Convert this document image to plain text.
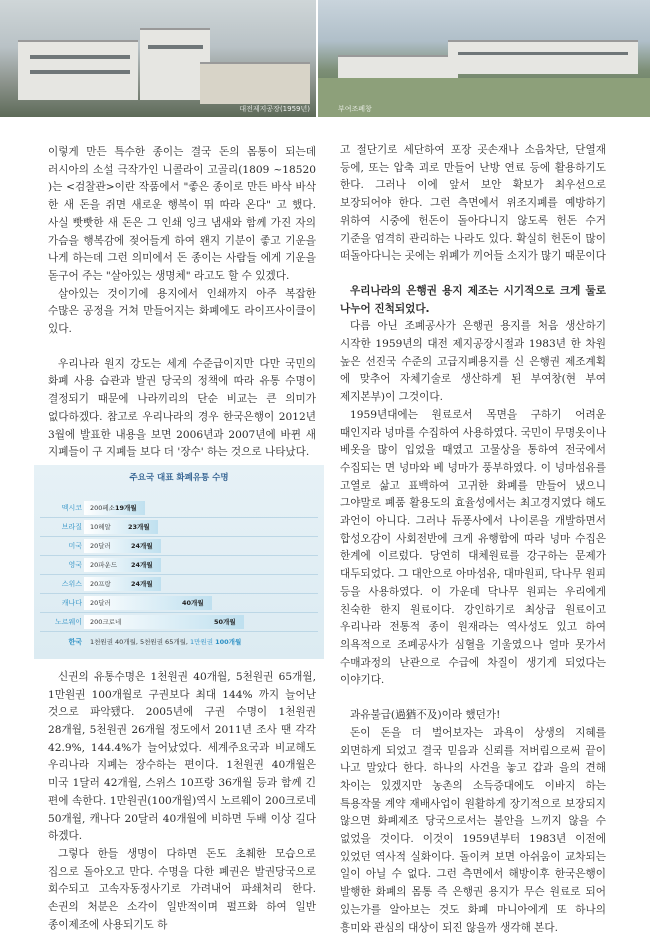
대전제지공장(1959년)	부여조폐창

이렇게 만든 특수한 종이는 결국 돈의 몸통이 되는데 러시아의 소설 극작가인 니콜라이 고골리(1809 ~18520 )는 <검찰관>이란 작품에서 "좋은 종이로 만든 바삭 바삭 한 새 돈을 쥐면 새로운 행복이 뛰 따라 온다" 고 했다. 사실 빳빳한 새 돈은 그 인쇄 잉크 냄새와 함께 가진 자의 가슴을 행복감에 젖어들게 하여 왠지 기분이 좋고 기운을 나게 하는데 그런 의미에서 돈 종이는 사람들 에게 기운을 돋구어 주는 "살아있는 생명체" 라고도 할 수 있겠다.

살아있는 것이기에 용지에서 인쇄까지 아주 복잡한 수많은 공정을 거쳐 만들어지는 화폐에도 라이프사이클이 있다.

우리나라 원지 강도는 세계 수준급이지만 다만 국민의 화폐 사용 습관과 발권 당국의 정책에 따라 유통 수명이 결정되기 때문에 나라끼리의 단순 비교는 큰 의미가 없다하겠다. 참고로 우리나라의 경우 한국은행이 2012년 3월에 발표한 내용을 보면 2006년과 2007년에 바뀐 새 지폐들이 구 지폐들 보다 더 '장수' 하는 것으로 나타났다.

신권의 유통수명은 1천원권 40개월, 5천원권 65개월, 1만원권 100개월로 구권보다 최대 144% 까지 늘어난 것으로 파악됐다. 2005년에 구권 수명이 1천원권 28개월, 5천원권 26개월 정도에서 2011년 조사 땐 각각 42.9%, 144.4%가 늘어났었다. 세계주요국과 비교해도 우리나라 지폐는 장수하는 편이다. 1천원권 40개월은 미국 1달러 42개월, 스위스 10프랑 36개월 등과 함께 긴 편에 속한다. 1만원권(100개월)역시 노르웨이 200크로네 50개월, 캐나다 20달러 40개월에 비하면 두배 이상 길다 하겠다.

그렇다 한들 생명이 다하면 돈도 초췌한 모습으로 집으로 돌아오고 만다. 수명을 다한 폐권은 발권당국으로 회수되고 고속자동정사기로 가려내어 파쇄처리 한다. 손권의 처분은 소각이 일반적이며 펄프화 하여 일반 종이제조에 사용되기도 하

주요국 대표 화폐유통 수명
멕시코 200페소 19개월
브라질 10헤알	23개월
미국 20달러	24개월
영국 20파운드 24개월
스위스 20프랑	24개월
캐나다 20달러	40개월
노르웨이 200크로네	50개월
한국 1천원권 40개월, 5천원권 65개월, 1만원권 100개월

고 절단기로 세단하여 포장 곳손재나 소음차단, 단열재 등에, 또는 압축 괴로 만들어 난방 연료 등에 활용하기도 한다. 그러나 이에 앞서 보안 확보가 최우선으로 보장되어야 한다. 그런 측면에서 위조지폐를 예방하기 위하여 시중에 헌돈이 돌아다니지 않도록 헌돈 수거 기준을 엄격히 관리하는 나라도 있다. 확실히 헌돈이 많이 떠돌아다니는 곳에는 위폐가 끼어들 소지가 많기 때문이다

우리나라의 은행권 용지 제조는 시기적으로 크게 둘로 나누어 진척되었다.

다름 아닌 조폐공사가 은행권 용지를 처음 생산하기 시작한 1959년의 대전 제지공장시절과 1983년 한 차원 높은 선진국 수준의 고급지폐용지를 신 은행권 제조계획 에 맞추어 자체기술로 생산하게 된 부여창(현 부여 제지본부)이 그것이다.

1959년대에는 원료로서 목면을 구하기 어려운 때인지라 넝마를 수집하여 사용하였다. 국민이 무명옷이나 베옷을 많이 입었을 때였고 고물상을 통하여 전국에서 수집되는 면 넝마와 베 넝마가 풍부하였다. 이 넝마섬유를 고열로 삶고 표백하여 고귀한 화폐를 만들어 냈으니 그야말로 폐품 활용도의 효율성에서는 최고경지였다 해도 과언이 아니다. 그러나 듀퐁사에서 나이론을 개발하면서 합성오감이 사회전반에 크게 유행함에 따라 넝마 수집은 한계에 이르렀다. 당연히 대체원료를 강구하는 문제가 대두되었다. 그 대안으로 아마섬유, 대마원피, 닥나무 원피 등을 사용하였다. 이 가운데 닥나무 원피는 우리에게 친숙한 한지 원료이다. 강인하기로 최상급 원료이고 우리나라 전통적 종이 원재라는 역사성도 있고 하여 의욕적으로 조폐공사가 심혈을 기울였으나 얼마 못가서 수매과정의 난관으로 수급에 차질이 생기게 되었다는 이야기다.

과유불급(過猶不及)이라 했던가!

돈이 돈을 더 벌어보자는 과욕이 상생의 지혜를 외면하게 되었고 결국 믿음과 신뢰를 저버림으로써 끝이 나고 말았다 한다. 하나의 사건을 놓고 갑과 을의 견해 차이는 있겠지만 농촌의 소득증대에도 이바지 하는 특용작물 계약 재배사업이 원활하게 장기적으로 보장되지 않으면 화폐제조 당국으로서는 불안을 느끼지 않을 수 없었을 것이다. 이것이 1959년부터 1983년 이전에 있었던 역사적 실화이다. 돌이켜 보면 아쉬움이 교차되는 일이 아닐 수 없다. 그런 측면에서 해방이후 한국은행이 발행한 화폐의 몸통 즉 은행권 용지가 무슨 원료로 되어 있는가를 알아보는 것도 화폐 마니아에게 또 하나의 흥미와 관심의 대상이 되진 않을까 생각해 본다.
